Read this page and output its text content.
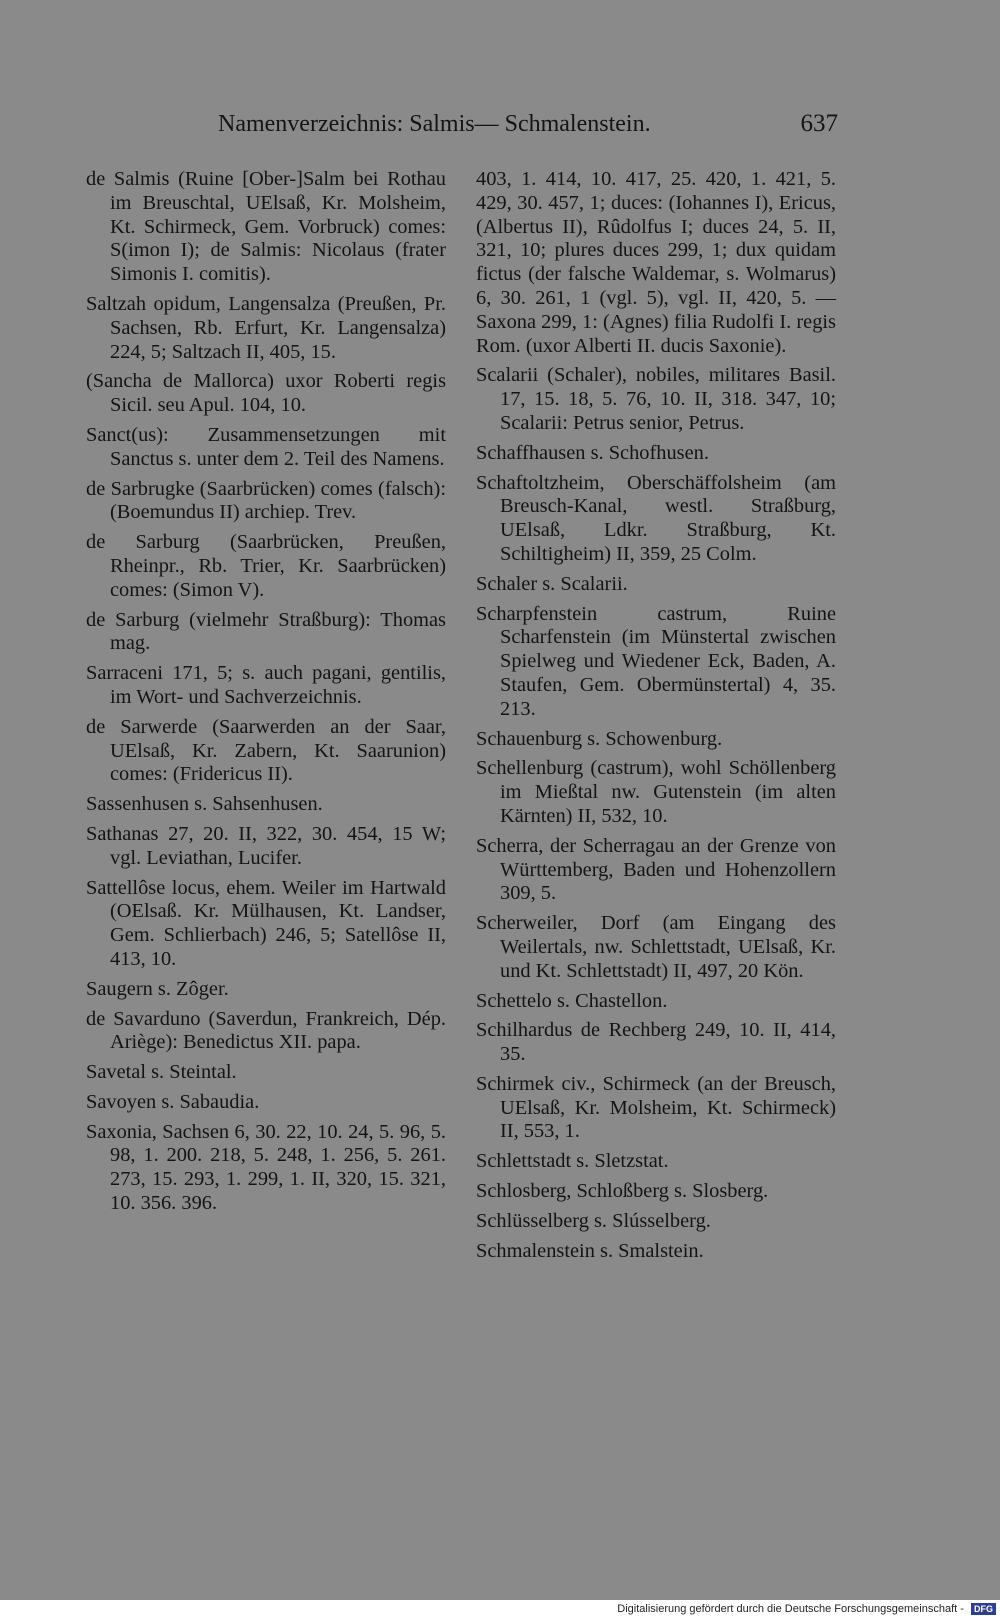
Namenverzeichnis: Salmis— Schmalenstein.	637

de Salmis (Ruine [Ober-]Salm bei Rothau im Breuschtal, UElsaß, Kr. Molsheim, Kt. Schirmeck, Gem. Vorbruck) comes: S(imon I); de Salmis: Nicolaus (frater Simonis I. comitis).

Saltzah opidum, Langensalza (Preußen, Pr. Sachsen, Rb. Erfurt, Kr. Langensalza) 224, 5; Saltzach II, 405, 15.

(Sancha de Mallorca) uxor Roberti regis Sicil. seu Apul. 104, 10.

Sanct(us): Zusammensetzungen mit Sanctus s. unter dem 2. Teil des Namens.

de Sarbrugke (Saarbrücken) comes (falsch): (Boemundus II) archiep. Trev.

de Sarburg (Saarbrücken, Preußen, Rheinpr., Rb. Trier, Kr. Saarbrücken) comes: (Simon V).

de Sarburg (vielmehr Straßburg): Thomas mag.

Sarraceni 171, 5; s. auch pagani, gentilis, im Wort- und Sachverzeichnis.

de Sarwerde (Saarwerden an der Saar, UElsaß, Kr. Zabern, Kt. Saarunion) comes: (Fridericus II).

Sassenhusen s. Sahsenhusen.

Sathanas 27, 20. II, 322, 30. 454, 15 W; vgl. Leviathan, Lucifer.

Sattellôse locus, ehem. Weiler im Hartwald (OElsaß. Kr. Mülhausen, Kt. Landser, Gem. Schlierbach) 246, 5; Satellôse II, 413, 10.

Saugern s. Zôger.

de Savarduno (Saverdun, Frankreich, Dép. Ariège): Benedictus XII. papa.

Savetal s. Steintal.

Savoyen s. Sabaudia.

Saxonia, Sachsen 6, 30. 22, 10. 24, 5. 96, 5. 98, 1. 200. 218, 5. 248, 1. 256, 5. 261. 273, 15. 293, 1. 299, 1. II, 320, 15. 321, 10. 356. 396.

403, 1. 414, 10. 417, 25. 420, 1. 421, 5. 429, 30. 457, 1; duces: (Iohannes I), Ericus, (Albertus II), Rûdolfus I; duces 24, 5. II, 321, 10; plures duces 299, 1; dux quidam fictus (der falsche Waldemar, s. Wolmarus) 6, 30. 261, 1 (vgl. 5), vgl. II, 420, 5. — Saxona 299, 1: (Agnes) filia Rudolfi I. regis Rom. (uxor Alberti II. ducis Saxonie).

Scalarii (Schaler), nobiles, militares Basil. 17, 15. 18, 5. 76, 10. II, 318. 347, 10; Scalarii: Petrus senior, Petrus.

Schaffhausen s. Schofhusen.

Schaftoltzheim, Oberschäffolsheim (am Breusch-Kanal, westl. Straßburg, UElsaß, Ldkr. Straßburg, Kt. Schiltigheim) II, 359, 25 Colm.

Schaler s. Scalarii.

Scharpfenstein castrum, Ruine Scharfenstein (im Münstertal zwischen Spielweg und Wiedener Eck, Baden, A. Staufen, Gem. Obermünstertal) 4, 35. 213.

Schauenburg s. Schowenburg.

Schellenburg (castrum), wohl Schöllenberg im Mießtal nw. Gutenstein (im alten Kärnten) II, 532, 10.

Scherra, der Scherragau an der Grenze von Württemberg, Baden und Hohenzollern 309, 5.

Scherweiler, Dorf (am Eingang des Weilertals, nw. Schlettstadt, UElsaß, Kr. und Kt. Schlettstadt) II, 497, 20 Kön.

Schettelo s. Chastellon.

Schilhardus de Rechberg 249, 10. II, 414, 35.

Schirmek civ., Schirmeck (an der Breusch, UElsaß, Kr. Molsheim, Kt. Schirmeck) II, 553, 1.

Schlettstadt s. Sletzstat.

Schlosberg, Schloßberg s. Slosberg.

Schlüsselberg s. Slússelberg.

Schmalenstein s. Smalstein.

Digitalisierung gefördert durch die Deutsche Forschungsgemeinschaft - DFG
